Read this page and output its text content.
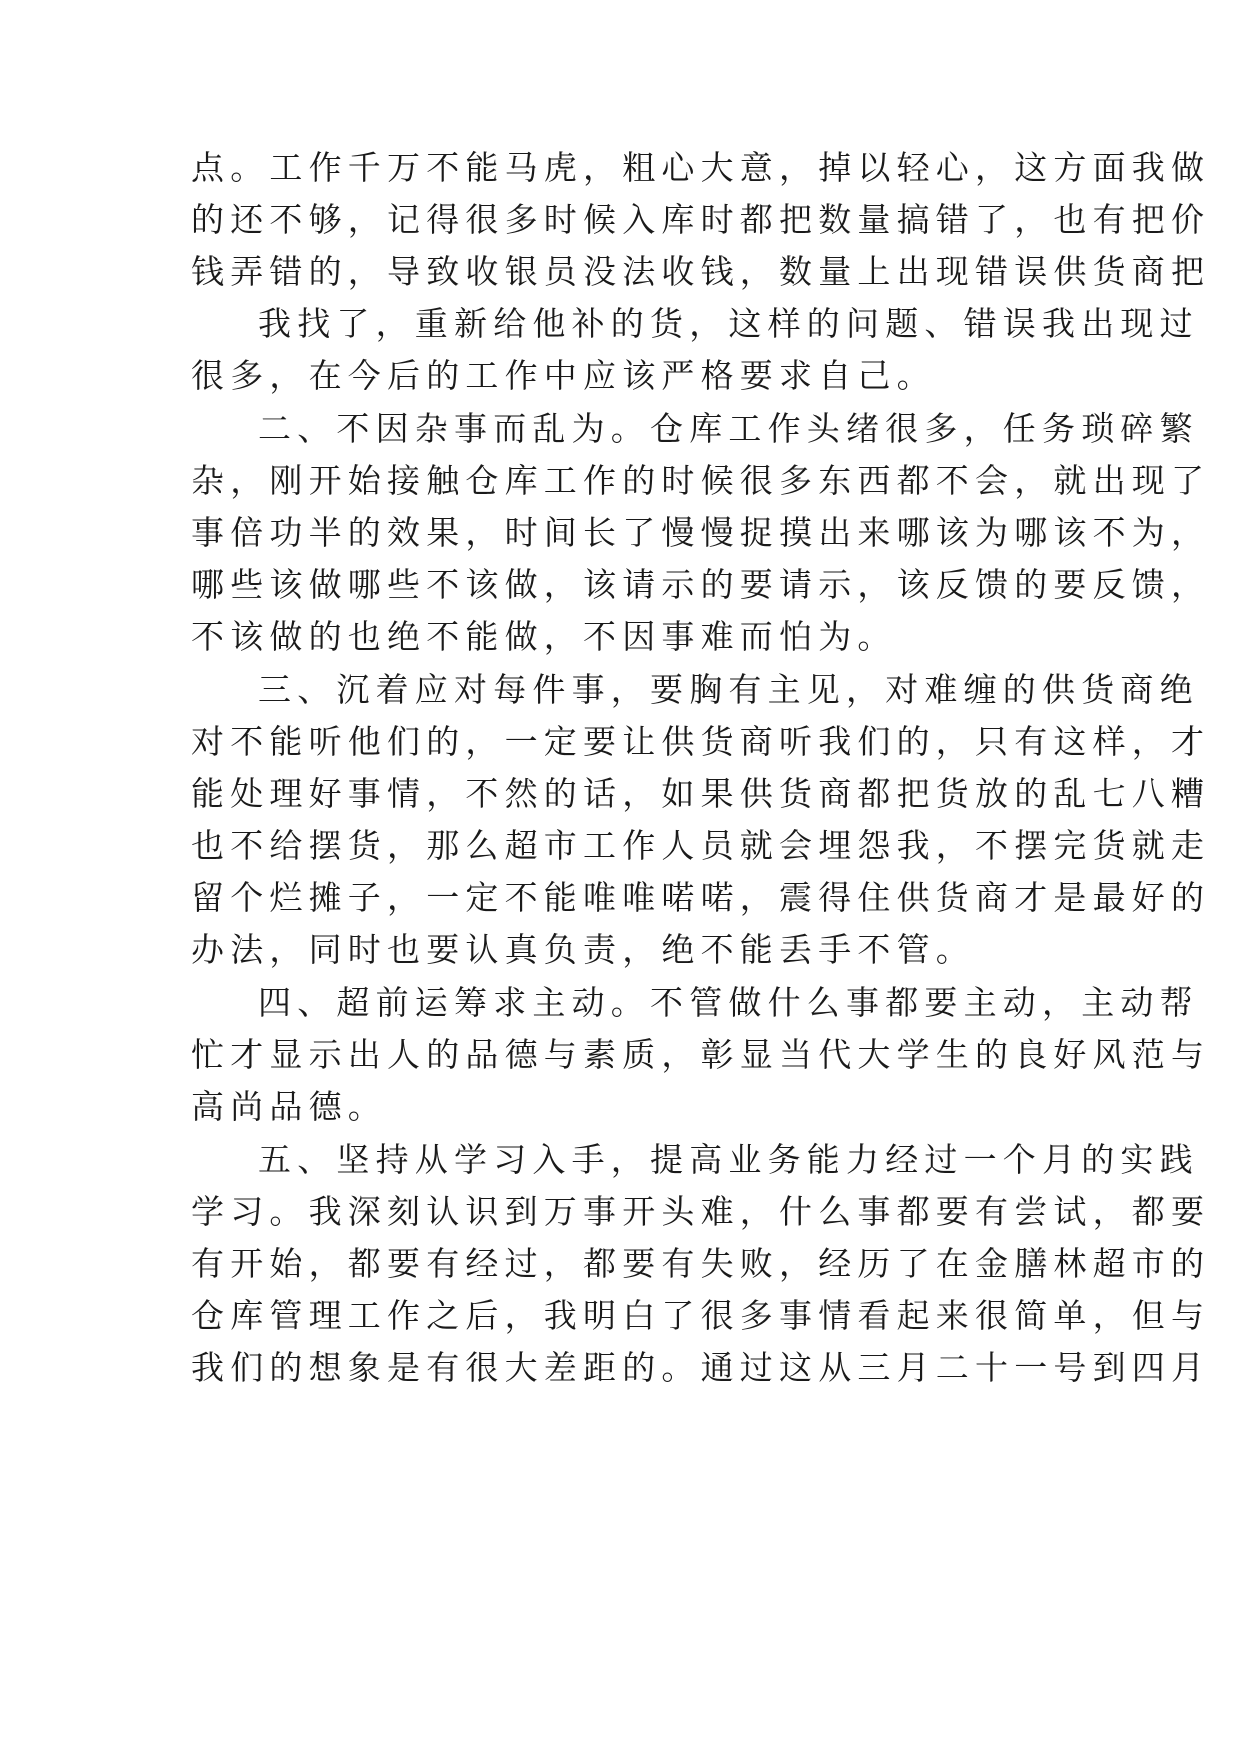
点。工作千万不能马虎，粗心大意，掉以轻心，这方面我做
的还不够，记得很多时候入库时都把数量搞错了，也有把价
钱弄错的，导致收银员没法收钱，数量上出现错误供货商把
我找了，重新给他补的货，这样的问题、错误我出现过
很多，在今后的工作中应该严格要求自己。
二、不因杂事而乱为。仓库工作头绪很多，任务琐碎繁
杂，刚开始接触仓库工作的时候很多东西都不会，就出现了
事倍功半的效果，时间长了慢慢捉摸出来哪该为哪该不为，
哪些该做哪些不该做，该请示的要请示，该反馈的要反馈，
不该做的也绝不能做，不因事难而怕为。
三、沉着应对每件事，要胸有主见，对难缠的供货商绝
对不能听他们的，一定要让供货商听我们的，只有这样，才
能处理好事情，不然的话，如果供货商都把货放的乱七八糟
也不给摆货，那么超市工作人员就会埋怨我，不摆完货就走
留个烂摊子，一定不能唯唯喏喏，震得住供货商才是最好的
办法，同时也要认真负责，绝不能丢手不管。
四、超前运筹求主动。不管做什么事都要主动，主动帮
忙才显示出人的品德与素质，彰显当代大学生的良好风范与
高尚品德。
五、坚持从学习入手，提高业务能力经过一个月的实践
学习。我深刻认识到万事开头难，什么事都要有尝试，都要
有开始，都要有经过，都要有失败，经历了在金膳林超市的
仓库管理工作之后，我明白了很多事情看起来很简单，但与
我们的想象是有很大差距的。通过这从三月二十一号到四月
